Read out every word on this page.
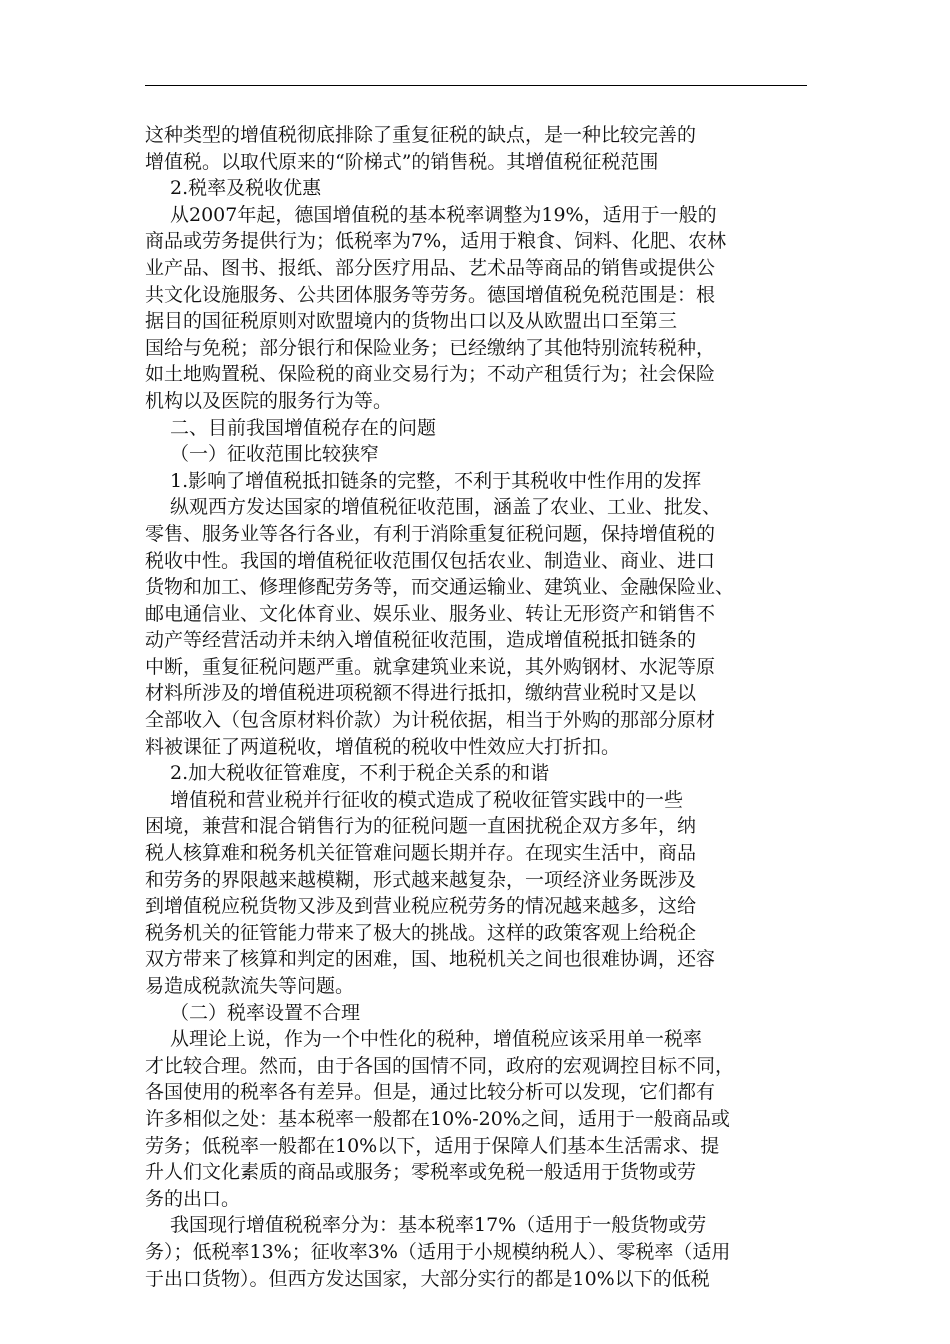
这种类型的增值税彻底排除了重复征税的缺点，是一种比较完善的
增值税。以取代原来的“阶梯式”的销售税。其增值税征税范围
2.税率及税收优惠
从2007年起，德国增值税的基本税率调整为19%，适用于一般的
商品或劳务提供行为；低税率为7%，适用于粮食、饲料、化肥、农林
业产品、图书、报纸、部分医疗用品、艺术品等商品的销售或提供公
共文化设施服务、公共团体服务等劳务。德国增值税免税范围是：根
据目的国征税原则对欧盟境内的货物出口以及从欧盟出口至第三
国给与免税；部分银行和保险业务；已经缴纳了其他特别流转税种，
如土地购置税、保险税的商业交易行为；不动产租赁行为；社会保险
机构以及医院的服务行为等。
二、目前我国增值税存在的问题
（一）征收范围比较狭窄
1.影响了增值税抵扣链条的完整，不利于其税收中性作用的发挥
纵观西方发达国家的增值税征收范围，涵盖了农业、工业、批发、
零售、服务业等各行各业，有利于消除重复征税问题，保持增值税的
税收中性。我国的增值税征收范围仅包括农业、制造业、商业、进口
货物和加工、修理修配劳务等，而交通运输业、建筑业、金融保险业、
邮电通信业、文化体育业、娱乐业、服务业、转让无形资产和销售不
动产等经营活动并未纳入增值税征收范围，造成增值税抵扣链条的
中断，重复征税问题严重。就拿建筑业来说，其外购钢材、水泥等原
材料所涉及的增值税进项税额不得进行抵扣，缴纳营业税时又是以
全部收入（包含原材料价款）为计税依据，相当于外购的那部分原材
料被课征了两道税收，增值税的税收中性效应大打折扣。
2.加大税收征管难度，不利于税企关系的和谐
增值税和营业税并行征收的模式造成了税收征管实践中的一些
困境，兼营和混合销售行为的征税问题一直困扰税企双方多年，纳
税人核算难和税务机关征管难问题长期并存。在现实生活中，商品
和劳务的界限越来越模糊，形式越来越复杂，一项经济业务既涉及
到增值税应税货物又涉及到营业税应税劳务的情况越来越多，这给
税务机关的征管能力带来了极大的挑战。这样的政策客观上给税企
双方带来了核算和判定的困难，国、地税机关之间也很难协调，还容
易造成税款流失等问题。
（二）税率设置不合理
从理论上说，作为一个中性化的税种，增值税应该采用单一税率
才比较合理。然而，由于各国的国情不同，政府的宏观调控目标不同，
各国使用的税率各有差异。但是，通过比较分析可以发现，它们都有
许多相似之处：基本税率一般都在10%-20%之间，适用于一般商品或
劳务；低税率一般都在10%以下，适用于保障人们基本生活需求、提
升人们文化素质的商品或服务；零税率或免税一般适用于货物或劳
务的出口。
我国现行增值税税率分为：基本税率17%（适用于一般货物或劳
务）；低税率13%；征收率3%（适用于小规模纳税人）、零税率（适用
于出口货物）。但西方发达国家，大部分实行的都是10%以下的低税
